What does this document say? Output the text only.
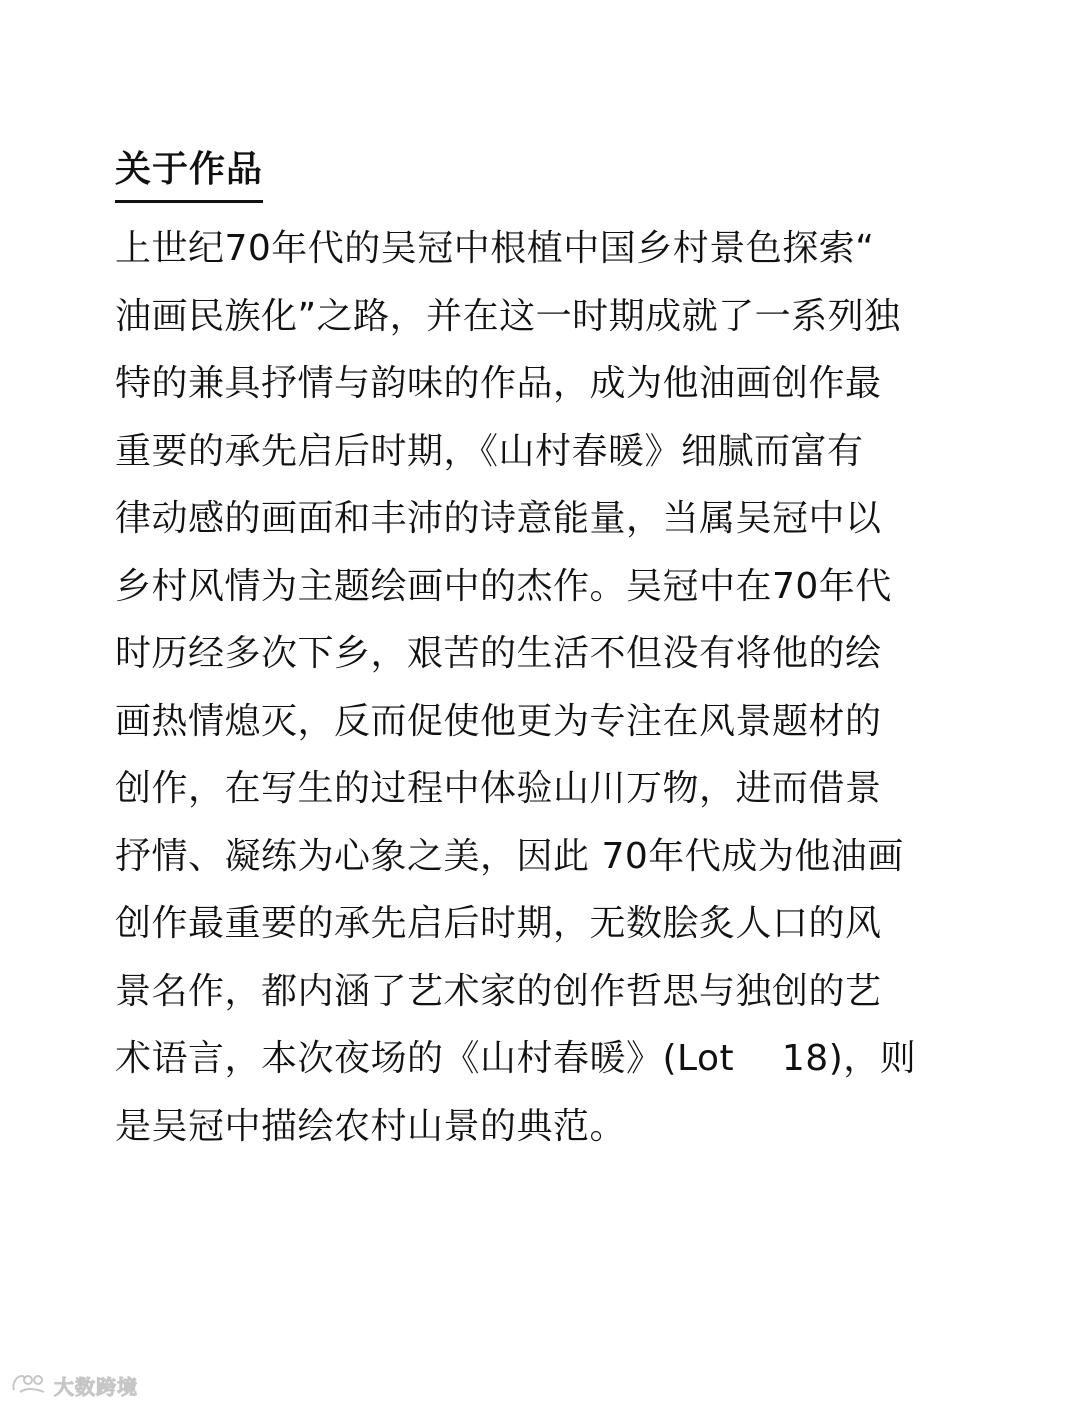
关于作品
上世纪70年代的吴冠中根植中国乡村景色探索“
油画民族化”之路，并在这一时期成就了一系列独
特的兼具抒情与韵味的作品，成为他油画创作最
重要的承先启后时期，《山村春暖》细腻而富有
律动感的画面和丰沛的诗意能量，当属吴冠中以
乡村风情为主题绘画中的杰作。吴冠中在70年代
时历经多次下乡，艰苦的生活不但没有将他的绘
画热情熄灭，反而促使他更为专注在风景题材的
创作，在写生的过程中体验山川万物，进而借景
抒情、凝练为心象之美，因此 70年代成为他油画
创作最重要的承先启后时期，无数脍炙人口的风
景名作，都内涵了艺术家的创作哲思与独创的艺
术语言，本次夜场的《山村春暖》(Lot    18)，则
是吴冠中描绘农村山景的典范。
大数跨境
